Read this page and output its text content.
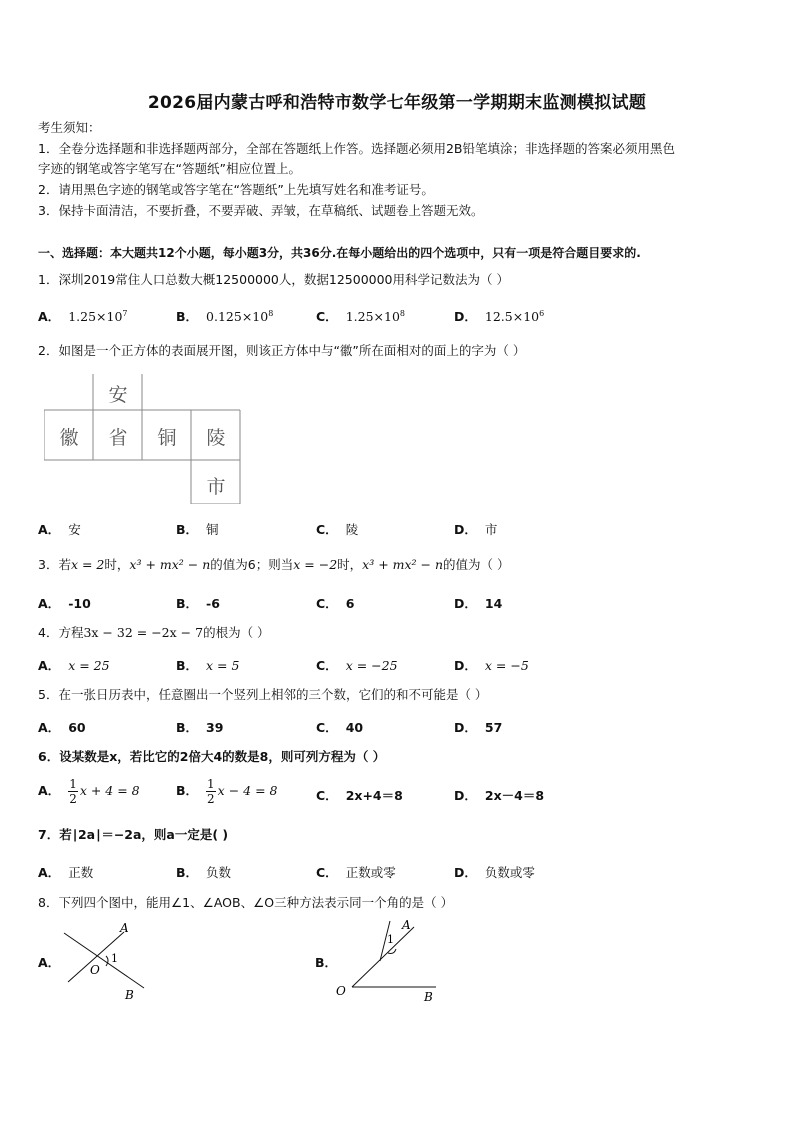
2026届内蒙古呼和浩特市数学七年级第一学期期末监测模拟试题
考生须知：
1．全卷分选择题和非选择题两部分，全部在答题纸上作答。选择题必须用2B铅笔填涂；非选择题的答案必须用黑色
字迹的钢笔或答字笔写在“答题纸”相应位置上。
2．请用黑色字迹的钢笔或答字笔在“答题纸”上先填写姓名和准考证号。
3．保持卡面清洁，不要折叠，不要弄破、弄皱，在草稿纸、试题卷上答题无效。
一、选择题：本大题共12个小题，每小题3分，共36分.在每小题给出的四个选项中，只有一项是符合题目要求的.
1．深圳2019常住人口总数大概12500000人，数据12500000用科学记数法为（ ）
A． $1.25\times 10^7$	B． $0.125\times 10^8$	C． $1.25\times 10^8$	D． $12.5\times 10^6$
2．如图是一个正方体的表面展开图，则该正方体中与“徽”所在面相对的面上的字为（ ）
安
徽	省	铜	陵
市
A． 安	B． 铜	C． 陵	D． 市
3．若x = 2时，x³ + mx² − n的值为6；则当x = −2时，x³ + mx² − n的值为（ ）
A． -10	B． -6	C． 6	D． 14
4．方程3x − 32 = −2x − 7的根为（ ）
A． x = 25	B． x = 5	C． x = −25	D． x = −5
5．在一张日历表中，任意圈出一个竖列上相邻的三个数，它们的和不可能是（ ）
A． 60	B． 39	C． 40	D． 57
6．设某数是x，若比它的2倍大4的数是8，则可列方程为（ ）
A． $\frac{1}{2}$ x + 4 = 8	B． $\frac{1}{2}$ x − 4 = 8	C． 2x+4＝8	D． 2x－4＝8
7．若∣2a∣＝−2a，则a一定是( )
A． 正数	B． 负数	C． 正数或零	D． 负数或零
8．下列四个图中，能用∠1、∠AOB、∠O三种方法表示同一个角的是（ ）
A．
A
O
B
1	B．
A
O	B
1
